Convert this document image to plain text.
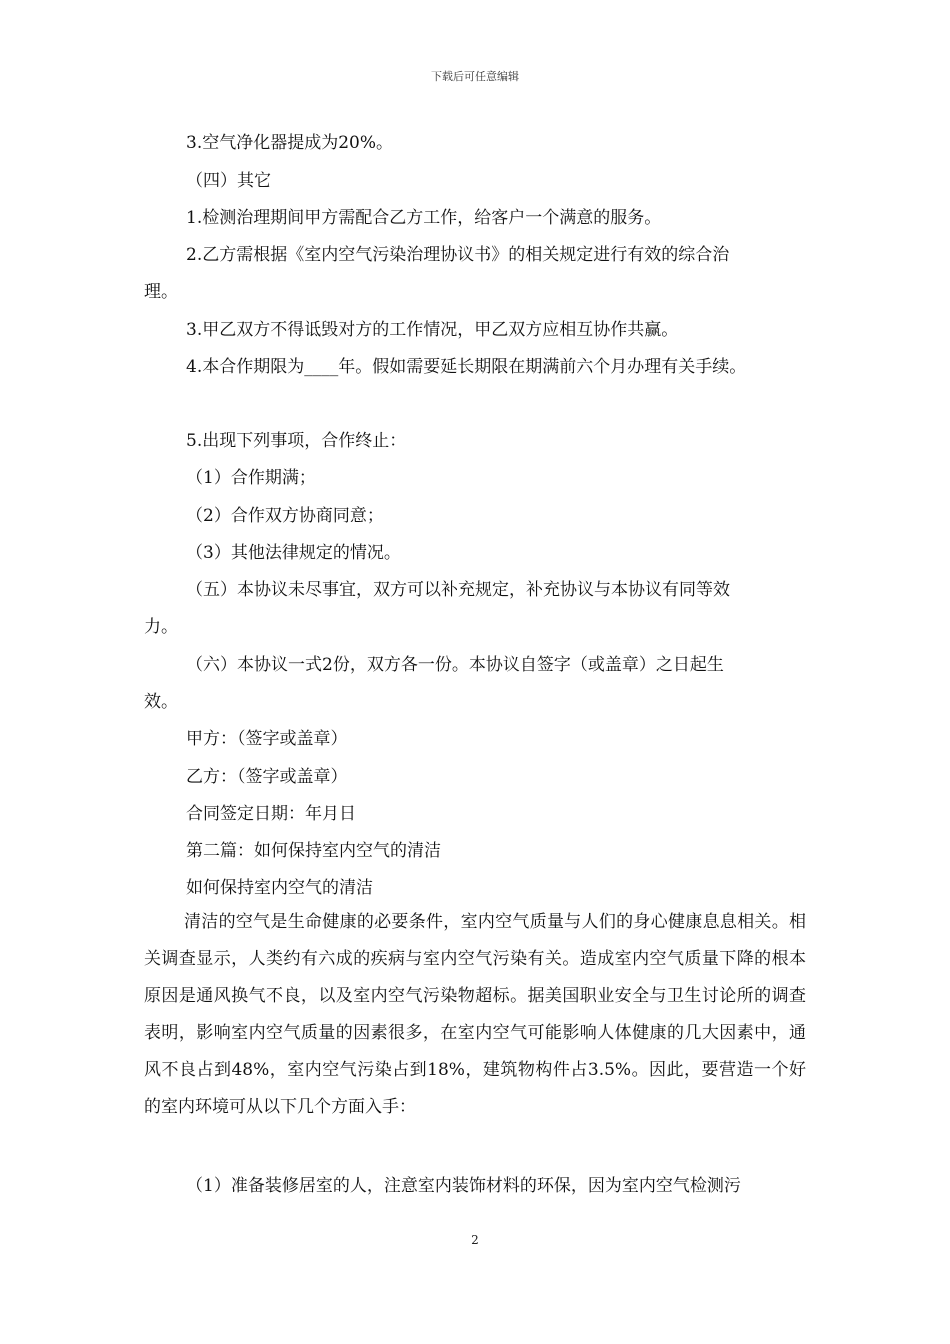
下载后可任意编辑
3.空气净化器提成为20%。
（四）其它
1.检测治理期间甲方需配合乙方工作，给客户一个满意的服务。
2.乙方需根据《室内空气污染治理协议书》的相关规定进行有效的综合治
理。
3.甲乙双方不得诋毁对方的工作情况，甲乙双方应相互协作共赢。
4.本合作期限为____年。假如需要延长期限在期满前六个月办理有关手续。
5.出现下列事项，合作终止：
（1）合作期满；
（2）合作双方协商同意；
（3）其他法律规定的情况。
（五）本协议未尽事宜，双方可以补充规定，补充协议与本协议有同等效
力。
（六）本协议一式2份，双方各一份。本协议自签字（或盖章）之日起生
效。
甲方：（签字或盖章）
乙方：（签字或盖章）
合同签定日期：年月日
第二篇：如何保持室内空气的清洁
如何保持室内空气的清洁
清洁的空气是生命健康的必要条件，室内空气质量与人们的身心健康息息相关。相关调查显示，人类约有六成的疾病与室内空气污染有关。造成室内空气质量下降的根本原因是通风换气不良，以及室内空气污染物超标。据美国职业安全与卫生讨论所的调查表明，影响室内空气质量的因素很多，在室内空气可能影响人体健康的几大因素中，通风不良占到48%，室内空气污染占到18%，建筑物构件占3.5%。因此，要营造一个好的室内环境可从以下几个方面入手：
（1）准备装修居室的人，注意室内装饰材料的环保，因为室内空气检测污
2
